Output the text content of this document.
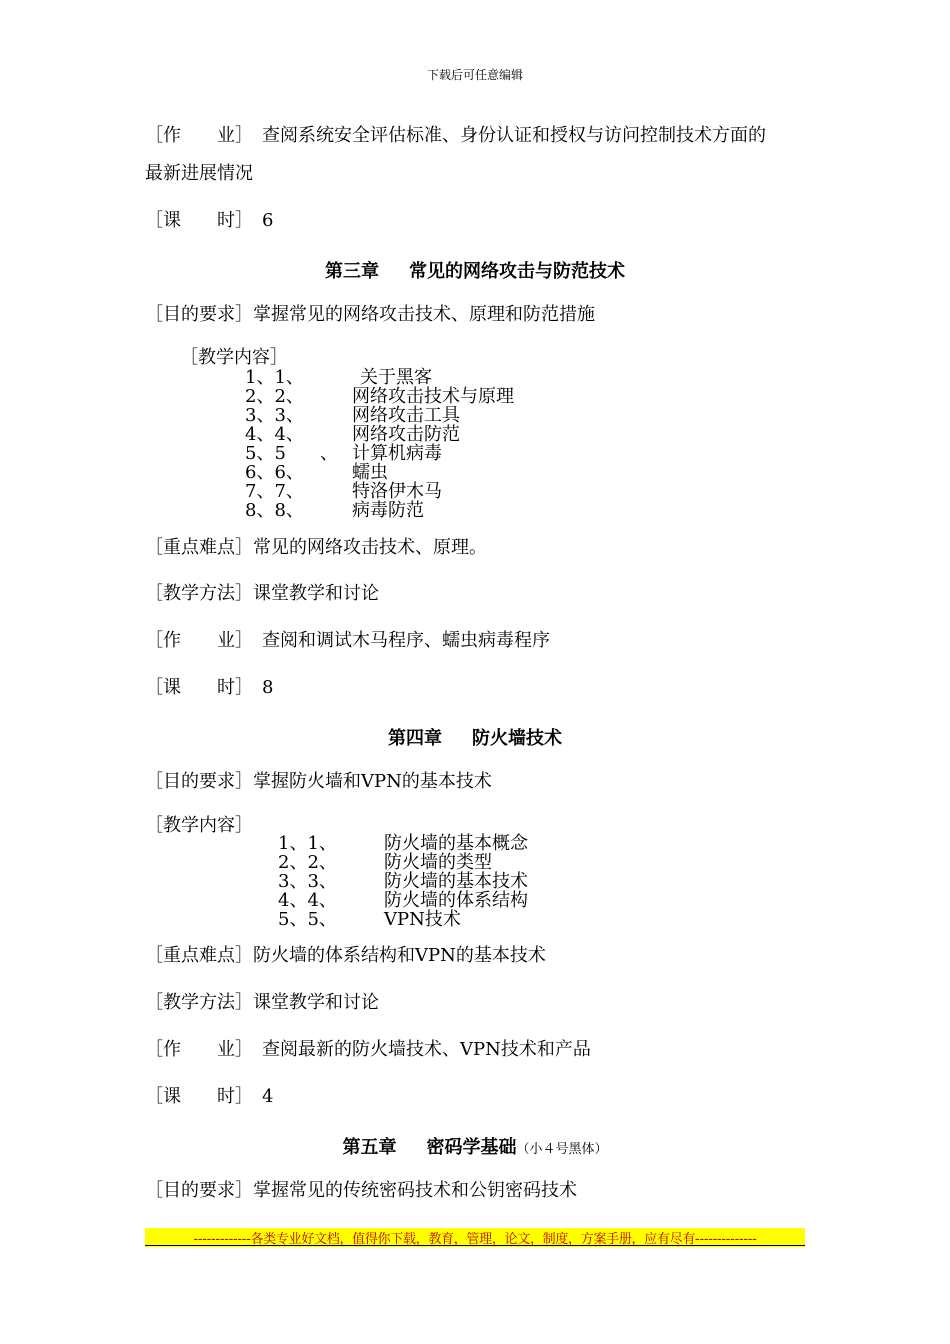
下载后可任意编辑
［作　　业］　 查阅系统安全评估标准、身份认证和授权与访问控制技术方面的
最新进展情况
［课　　时］　6
第三章 常见的网络攻击与防范技术
［目的要求］掌握常见的网络攻击技术、原理和防范措施
［教学内容］
1、1、	关于黑客
2、2、	网络攻击技术与原理
3、3、	网络攻击工具
4、4、	网络攻击防范
5、5 、 计算机病毒
6、6、	蠕虫
7、7、	特洛伊木马
8、8、	病毒防范
［重点难点］常见的网络攻击技术、原理。
［教学方法］课堂教学和讨论
［作　　业］　查阅和调试木马程序、蠕虫病毒程序
［课　　时］　8
第四章 防火墙技术
［目的要求］掌握防火墙和VPN的基本技术
［教学内容］
1、1、	防火墙的基本概念
2、2、	防火墙的类型
3、3、	防火墙的基本技术
4、4、	防火墙的体系结构
5、5、	VPN技术
［重点难点］防火墙的体系结构和VPN的基本技术
［教学方法］课堂教学和讨论
［作　　业］　查阅最新的防火墙技术、VPN技术和产品
［课　　时］　4
第五章 密码学基础（小４号黑体）
［目的要求］掌握常见的传统密码技术和公钥密码技术
-------------各类专业好文档，值得你下载，教育，管理，论文，制度，方案手册，应有尽有--------------
